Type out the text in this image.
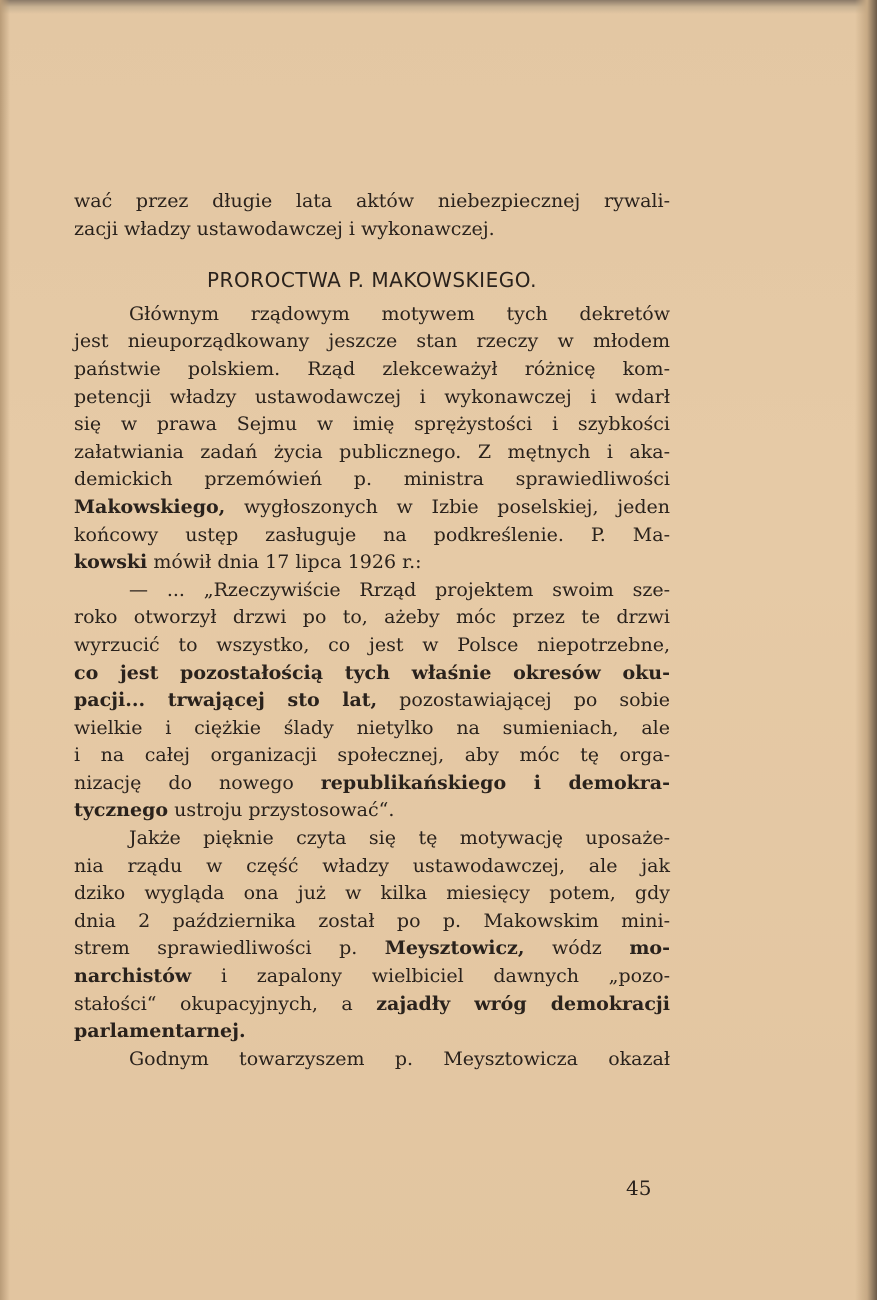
wać przez długie lata aktów niebezpiecznej rywali-
zacji władzy ustawodawczej i wykonawczej.
PROROCTWA P. MAKOWSKIEGO.
Głównym rządowym motywem tych dekretów
jest nieuporządkowany jeszcze stan rzeczy w młodem
państwie polskiem. Rząd zlekceważył różnicę kom-
petencji władzy ustawodawczej i wykonawczej i wdarł
się w prawa Sejmu w imię sprężystości i szybkości
załatwiania zadań życia publicznego. Z mętnych i aka-
demickich przemówień p. ministra sprawiedliwości
Makowskiego, wygłoszonych w Izbie poselskiej, jeden
końcowy ustęp zasługuje na podkreślenie. P. Ma-
kowski mówił dnia 17 lipca 1926 r.:
— ... „Rzeczywiście Rrząd projektem swoim sze-
roko otworzył drzwi po to, ażeby móc przez te drzwi
wyrzucić to wszystko, co jest w Polsce niepotrzebne,
co jest pozostałością tych właśnie okresów oku-
pacji... trwającej sto lat, pozostawiającej po sobie
wielkie i ciężkie ślady nietylko na sumieniach, ale
i na całej organizacji społecznej, aby móc tę orga-
nizację do nowego republikańskiego i demokra-
tycznego ustroju przystosować“.
Jakże pięknie czyta się tę motywację uposaże-
nia rządu w część władzy ustawodawczej, ale jak
dziko wygląda ona już w kilka miesięcy potem, gdy
dnia 2 października został po p. Makowskim mini-
strem sprawiedliwości p. Meysztowicz, wódz mo-
narchistów i zapalony wielbiciel dawnych „pozo-
stałości“ okupacyjnych, a zajadły wróg demokracji
parlamentarnej.
Godnym towarzyszem p. Meysztowicza okazał
45
